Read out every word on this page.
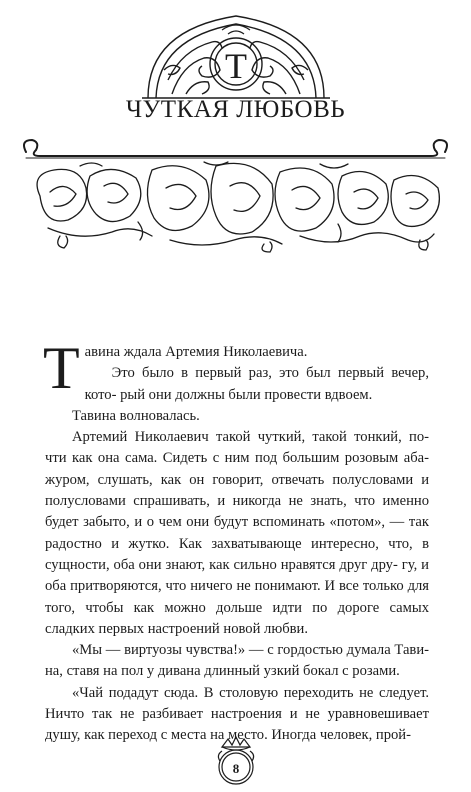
Т
ЧУТКАЯ ЛЮБОВЬ

Тавина ждала Артемия Николаевича.

Это было в первый раз, это был первый вечер, кото- рый они должны были провести вдвоем.

Тавина волновалась.

Артемий Николаевич такой чуткий, такой тонкий, по- чти как она сама. Сидеть с ним под большим розовым аба- журом, слушать, как он говорит, отвечать полусловами и полусловами спрашивать, и никогда не знать, что именно будет забыто, и о чем они будут вспоминать «потом», — так радостно и жутко. Как захватывающе интересно, что, в сущности, оба они знают, как сильно нравятся друг дру- гу, и оба притворяются, что ничего не понимают. И все только для того, чтобы как можно дольше идти по дороге самых сладких первых настроений новой любви.

«Мы — виртуозы чувства!» — с гордостью думала Тави- на, ставя на пол у дивана длинный узкий бокал с розами.

«Чай подадут сюда. В столовую переходить не следует. Ничто так не разбивает настроения и не уравновешивает душу, как переход с места на место. Иногда человек, прой-

8
